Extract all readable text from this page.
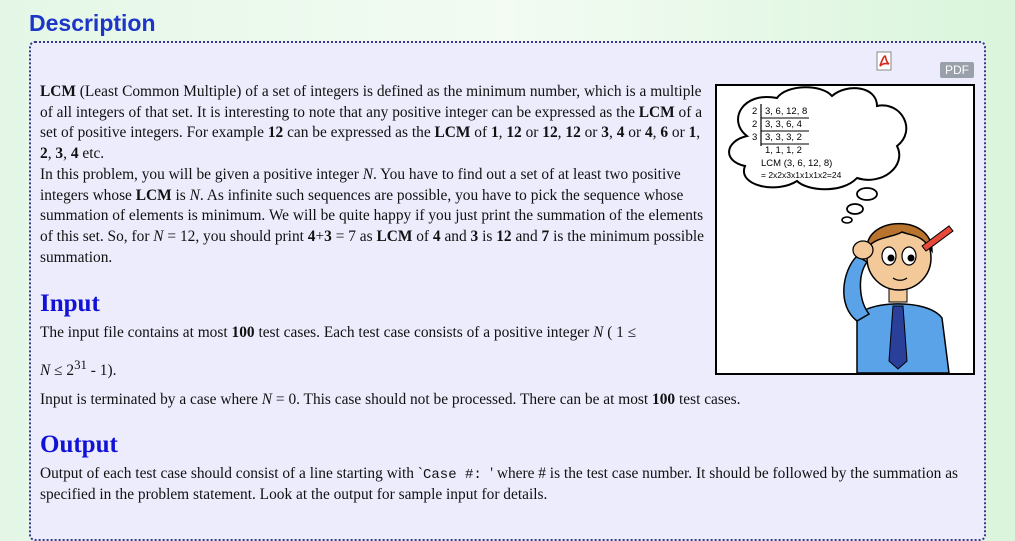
Description
PDF
2 3, 6, 12, 8
2 3, 3, 6, 4
3 3, 3, 3, 2
1, 1, 1, 2
LCM (3, 6, 12, 8)
= 2x2x3x1x1x1x2=24

LCM (Least Common Multiple) of a set of integers is defined as the minimum number, which is a multiple of all integers of that set. It is interesting to note that any positive integer can be expressed as the LCM of a set of positive integers. For example 12 can be expressed as the LCM of 1, 12 or 12, 12 or 3, 4 or 4, 6 or 1, 2, 3, 4 etc.

In this problem, you will be given a positive integer N. You have to find out a set of at least two positive integers whose LCM is N. As infinite such sequences are possible, you have to pick the sequence whose summation of elements is minimum. We will be quite happy if you just print the summation of the elements of this set. So, for N = 12, you should print 4+3 = 7 as LCM of 4 and 3 is 12 and 7 is the minimum possible summation.

Input

The input file contains at most 100 test cases. Each test case consists of a positive integer N ( 1 ≤

$N \le 2^{31} - 1$).

Input is terminated by a case where N = 0. This case should not be processed. There can be at most 100 test cases.

Output

Output of each test case should consist of a line starting with `Case #: ' where # is the test case number. It should be followed by the summation as specified in the problem statement. Look at the output for sample input for details.
